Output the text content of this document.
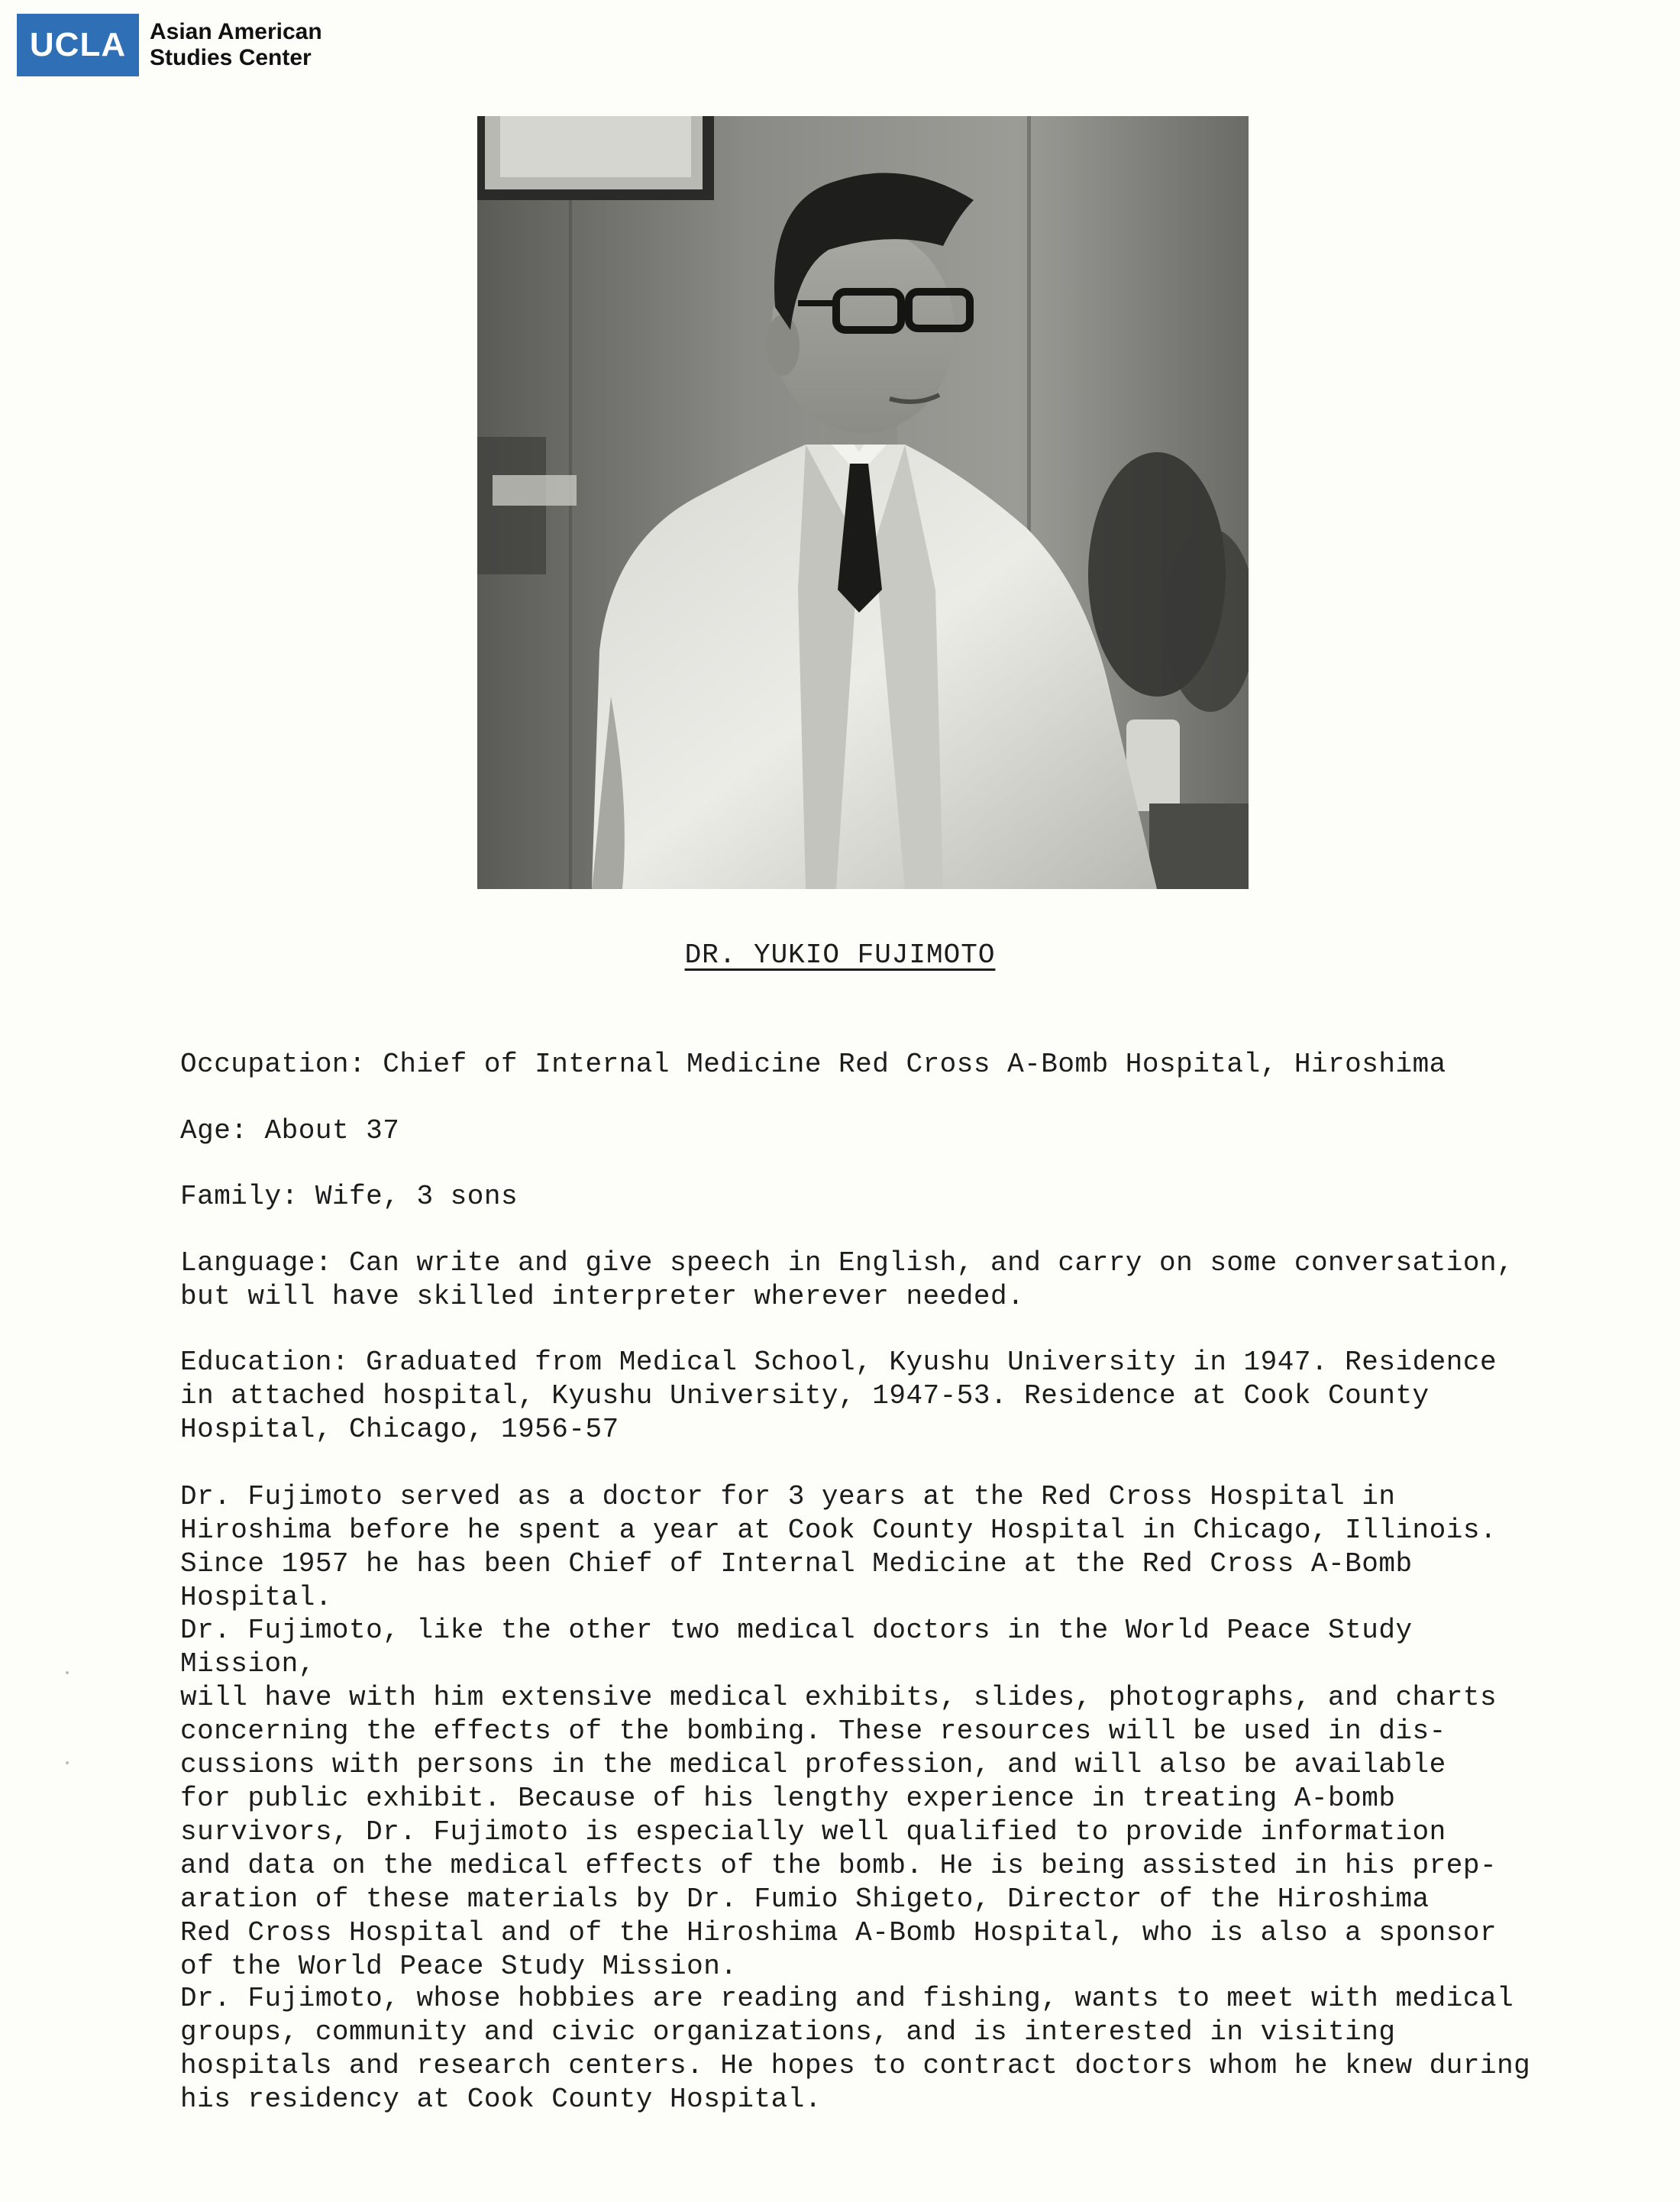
UCLA	Asian American
Studies Center
DR. YUKIO FUJIMOTO

Occupation: Chief of Internal Medicine Red Cross A-Bomb Hospital, Hiroshima

Age: About 37

Family: Wife, 3 sons

Language: Can write and give speech in English, and carry on some conversation,

but will have skilled interpreter wherever needed.

Education: Graduated from Medical School, Kyushu University in 1947. Residence

in attached hospital, Kyushu University, 1947-53. Residence at Cook County

Hospital, Chicago, 1956-57

Dr. Fujimoto served as a doctor for 3 years at the Red Cross Hospital in

Hiroshima before he spent a year at Cook County Hospital in Chicago, Illinois.

Since 1957 he has been Chief of Internal Medicine at the Red Cross A-Bomb Hospital.

Dr. Fujimoto, like the other two medical doctors in the World Peace Study Mission,

will have with him extensive medical exhibits, slides, photographs, and charts

concerning the effects of the bombing. These resources will be used in dis-

cussions with persons in the medical profession, and will also be available

for public exhibit. Because of his lengthy experience in treating A-bomb

survivors, Dr. Fujimoto is especially well qualified to provide information

and data on the medical effects of the bomb. He is being assisted in his prep-

aration of these materials by Dr. Fumio Shigeto, Director of the Hiroshima

Red Cross Hospital and of the Hiroshima A-Bomb Hospital, who is also a sponsor

of the World Peace Study Mission.

Dr. Fujimoto, whose hobbies are reading and fishing, wants to meet with medical

groups, community and civic organizations, and is interested in visiting

hospitals and research centers. He hopes to contract doctors whom he knew during

his residency at Cook County Hospital.
